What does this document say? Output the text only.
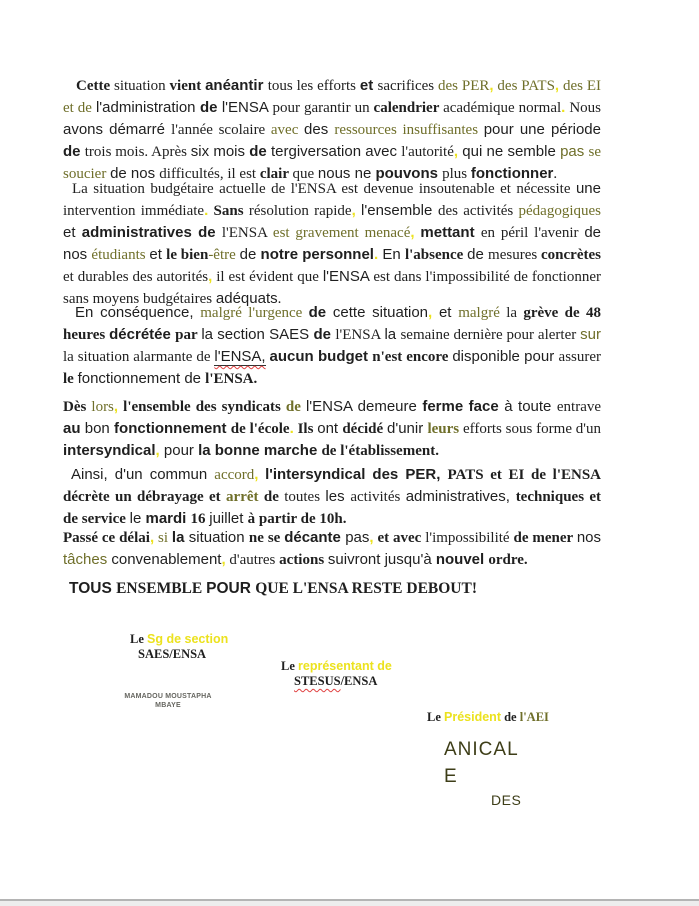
Cette situation vient anéantir tous les efforts et sacrifices des PER, des PATS, des EI et de l'administration de l'ENSA pour garantir un calendrier académique normal. Nous avons démarré l'année scolaire avec des ressources insuffisantes pour une période de trois mois. Après six mois de tergiversation avec l'autorité, qui ne semble pas se soucier de nos difficultés, il est clair que nous ne pouvons plus fonctionner.

La situation budgétaire actuelle de l'ENSA est devenue insoutenable et nécessite une intervention immédiate. Sans résolution rapide, l'ensemble des activités pédagogiques et administratives de l'ENSA est gravement menacé, mettant en péril l'avenir de nos étudiants et le bien-être de notre personnel. En l'absence de mesures concrètes et durables des autorités, il est évident que l'ENSA est dans l'impossibilité de fonctionner sans moyens budgétaires adéquats.

En conséquence, malgré l'urgence de cette situation, et malgré la grève de 48 heures décrétée par la section SAES de l'ENSA la semaine dernière pour alerter sur la situation alarmante de l'ENSA, aucun budget n'est encore disponible pour assurer le fonctionnement de l'ENSA.

Dès lors, l'ensemble des syndicats de l'ENSA demeure ferme face à toute entrave au bon fonctionnement de l'école. Ils ont décidé d'unir leurs efforts sous forme d'un intersyndical, pour la bonne marche de l'établissement.

Ainsi, d'un commun accord, l'intersyndical des PER, PATS et EI de l'ENSA décrète un débrayage et arrêt de toutes les activités administratives, techniques et de service le mardi 16 juillet à partir de 10h.

Passé ce délai, si la situation ne se décante pas, et avec l'impossibilité de mener nos tâches convenablement, d'autres actions suivront jusqu'à nouvel ordre.

TOUS ENSEMBLE POUR QUE L'ENSA RESTE DEBOUT!

Le Sg de section
SAES/ENSA
Le représentant de
STESUS/ENSA
MAMADOU MOUSTAPHA
MBAYE
Le Président de l'AEI
ANICAL
E
DES
